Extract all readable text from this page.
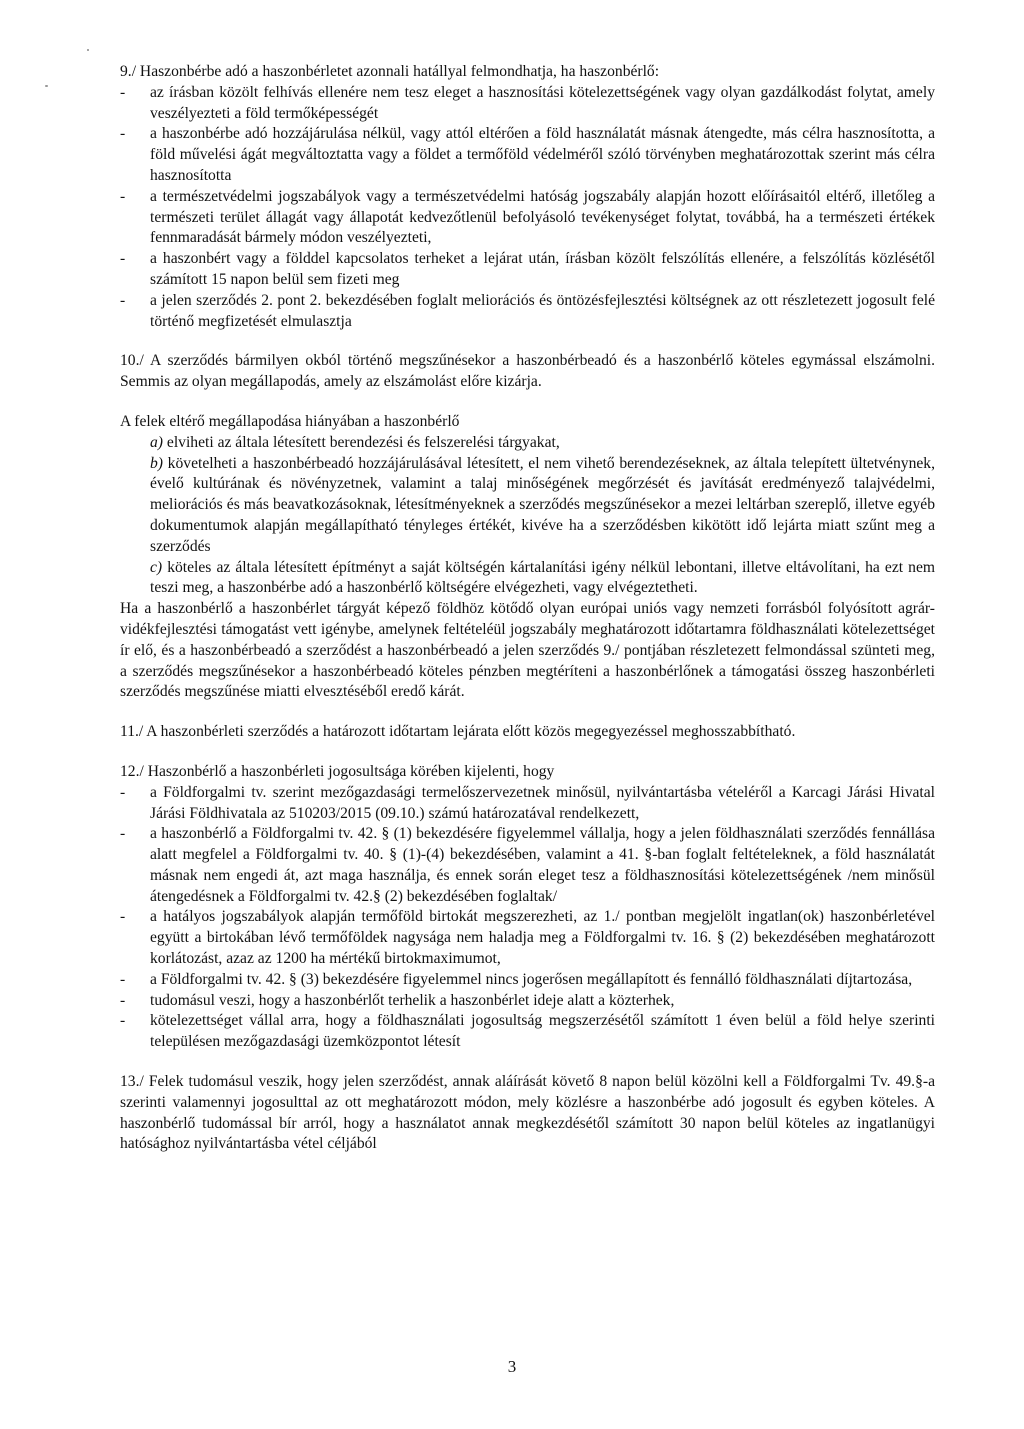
9./ Haszonbérbe adó a haszonbérletet azonnali hatállyal felmondhatja, ha haszonbérlő:

- az írásban közölt felhívás ellenére nem tesz eleget a hasznosítási kötelezettségének vagy olyan gazdálkodást folytat, amely veszélyezteti a föld termőképességét

- a haszonbérbe adó hozzájárulása nélkül, vagy attól eltérően a föld használatát másnak átengedte, más célra hasznosította, a föld művelési ágát megváltoztatta vagy a földet a termőföld védelméről szóló törvényben meghatározottak szerint más célra hasznosította

- a természetvédelmi jogszabályok vagy a természetvédelmi hatóság jogszabály alapján hozott előírásaitól eltérő, illetőleg a természeti terület állagát vagy állapotát kedvezőtlenül befolyásoló tevékenységet folytat, továbbá, ha a természeti értékek fennmaradását bármely módon veszélyezteti,

- a haszonbért vagy a földdel kapcsolatos terheket a lejárat után, írásban közölt felszólítás ellenére, a felszólítás közlésétől számított 15 napon belül sem fizeti meg

- a jelen szerződés 2. pont 2. bekezdésében foglalt meliorációs és öntözésfejlesztési költségnek az ott részletezett jogosult felé történő megfizetését elmulasztja

10./ A szerződés bármilyen okból történő megszűnésekor a haszonbérbeadó és a haszonbérlő köteles egymással elszámolni. Semmis az olyan megállapodás, amely az elszámolást előre kizárja.

A felek eltérő megállapodása hiányában a haszonbérlő

a) elviheti az általa létesített berendezési és felszerelési tárgyakat,

b) követelheti a haszonbérbeadó hozzájárulásával létesített, el nem vihető berendezéseknek, az általa telepített ültetvénynek, évelő kultúrának és növényzetnek, valamint a talaj minőségének megőrzését és javítását eredményező talajvédelmi, meliorációs és más beavatkozásoknak, létesítményeknek a szerződés megszűnésekor a mezei leltárban szereplő, illetve egyéb dokumentumok alapján megállapítható tényleges értékét, kivéve ha a szerződésben kikötött idő lejárta miatt szűnt meg a szerződés

c) köteles az általa létesített építményt a saját költségén kártalanítási igény nélkül lebontani, illetve eltávolítani, ha ezt nem teszi meg, a haszonbérbe adó a haszonbérlő költségére elvégezheti, vagy elvégeztetheti.

Ha a haszonbérlő a haszonbérlet tárgyát képező földhöz kötődő olyan európai uniós vagy nemzeti forrásból folyósított agrár-vidékfejlesztési támogatást vett igénybe, amelynek feltételéül jogszabály meghatározott időtartamra földhasználati kötelezettséget ír elő, és a haszonbérbeadó a szerződést a haszonbérbeadó a jelen szerződés 9./ pontjában részletezett felmondással szünteti meg, a szerződés megszűnésekor a haszonbérbeadó köteles pénzben megtéríteni a haszonbérlőnek a támogatási összeg haszonbérleti szerződés megszűnése miatti elvesztéséből eredő kárát.

11./ A haszonbérleti szerződés a határozott időtartam lejárata előtt közös megegyezéssel meghosszabbítható.

12./ Haszonbérlő a haszonbérleti jogosultsága körében kijelenti, hogy

- a Földforgalmi tv. szerint mezőgazdasági termelőszervezetnek minősül, nyilvántartásba vételéről a Karcagi Járási Hivatal Járási Földhivatala az 510203/2015 (09.10.) számú határozatával rendelkezett,

- a haszonbérlő a Földforgalmi tv. 42. § (1) bekezdésére figyelemmel vállalja, hogy a jelen földhasználati szerződés fennállása alatt megfelel a Földforgalmi tv. 40. § (1)-(4) bekezdésében, valamint a 41. §-ban foglalt feltételeknek, a föld használatát másnak nem engedi át, azt maga használja, és ennek során eleget tesz a földhasznosítási kötelezettségének /nem minősül átengedésnek a Földforgalmi tv. 42.§ (2) bekezdésében foglaltak/

- a hatályos jogszabályok alapján termőföld birtokát megszerezheti, az 1./ pontban megjelölt ingatlan(ok) haszonbérletével együtt a birtokában lévő termőföldek nagysága nem haladja meg a Földforgalmi tv. 16. § (2) bekezdésében meghatározott korlátozást, azaz az 1200 ha mértékű birtokmaximumot,

- a Földforgalmi tv. 42. § (3) bekezdésére figyelemmel nincs jogerősen megállapított és fennálló földhasználati díjtartozása,

- tudomásul veszi, hogy a haszonbérlőt terhelik a haszonbérlet ideje alatt a közterhek,

- kötelezettséget vállal arra, hogy a földhasználati jogosultság megszerzésétől számított 1 éven belül a föld helye szerinti településen mezőgazdasági üzemközpontot létesít

13./ Felek tudomásul veszik, hogy jelen szerződést, annak aláírását követő 8 napon belül közölni kell a Földforgalmi Tv. 49.§-a szerinti valamennyi jogosulttal az ott meghatározott módon, mely közlésre a haszonbérbe adó jogosult és egyben köteles. A haszonbérlő tudomással bír arról, hogy a használatot annak megkezdésétől számított 30 napon belül köteles az ingatlanügyi hatósághoz nyilvántartásba vétel céljából

3
